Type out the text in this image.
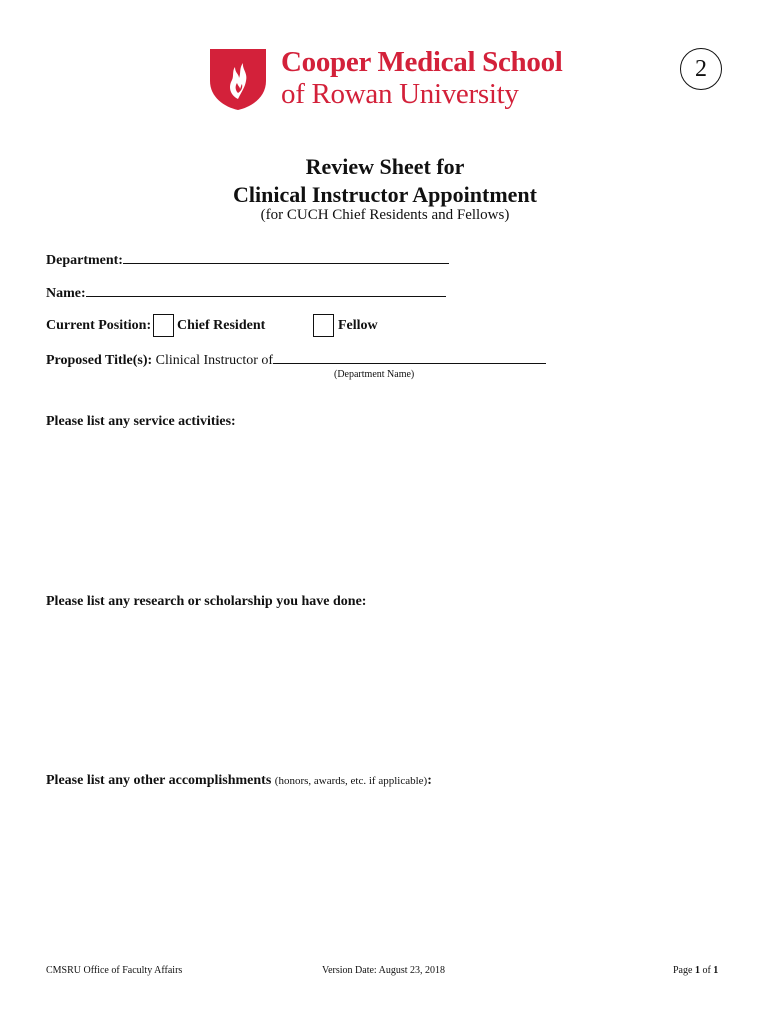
Cooper Medical School
of Rowan University
2
Review Sheet for
Clinical Instructor Appointment
(for CUCH Chief Residents and Fellows)
Department:
Name:
Current Position: Chief Resident	Fellow
Proposed Title(s): Clinical Instructor of
(Department Name)
Please list any service activities:
Please list any research or scholarship you have done:
Please list any other accomplishments (honors, awards, etc. if applicable):
CMSRU Office of Faculty Affairs	Version Date: August 23, 2018	Page 1 of 1
